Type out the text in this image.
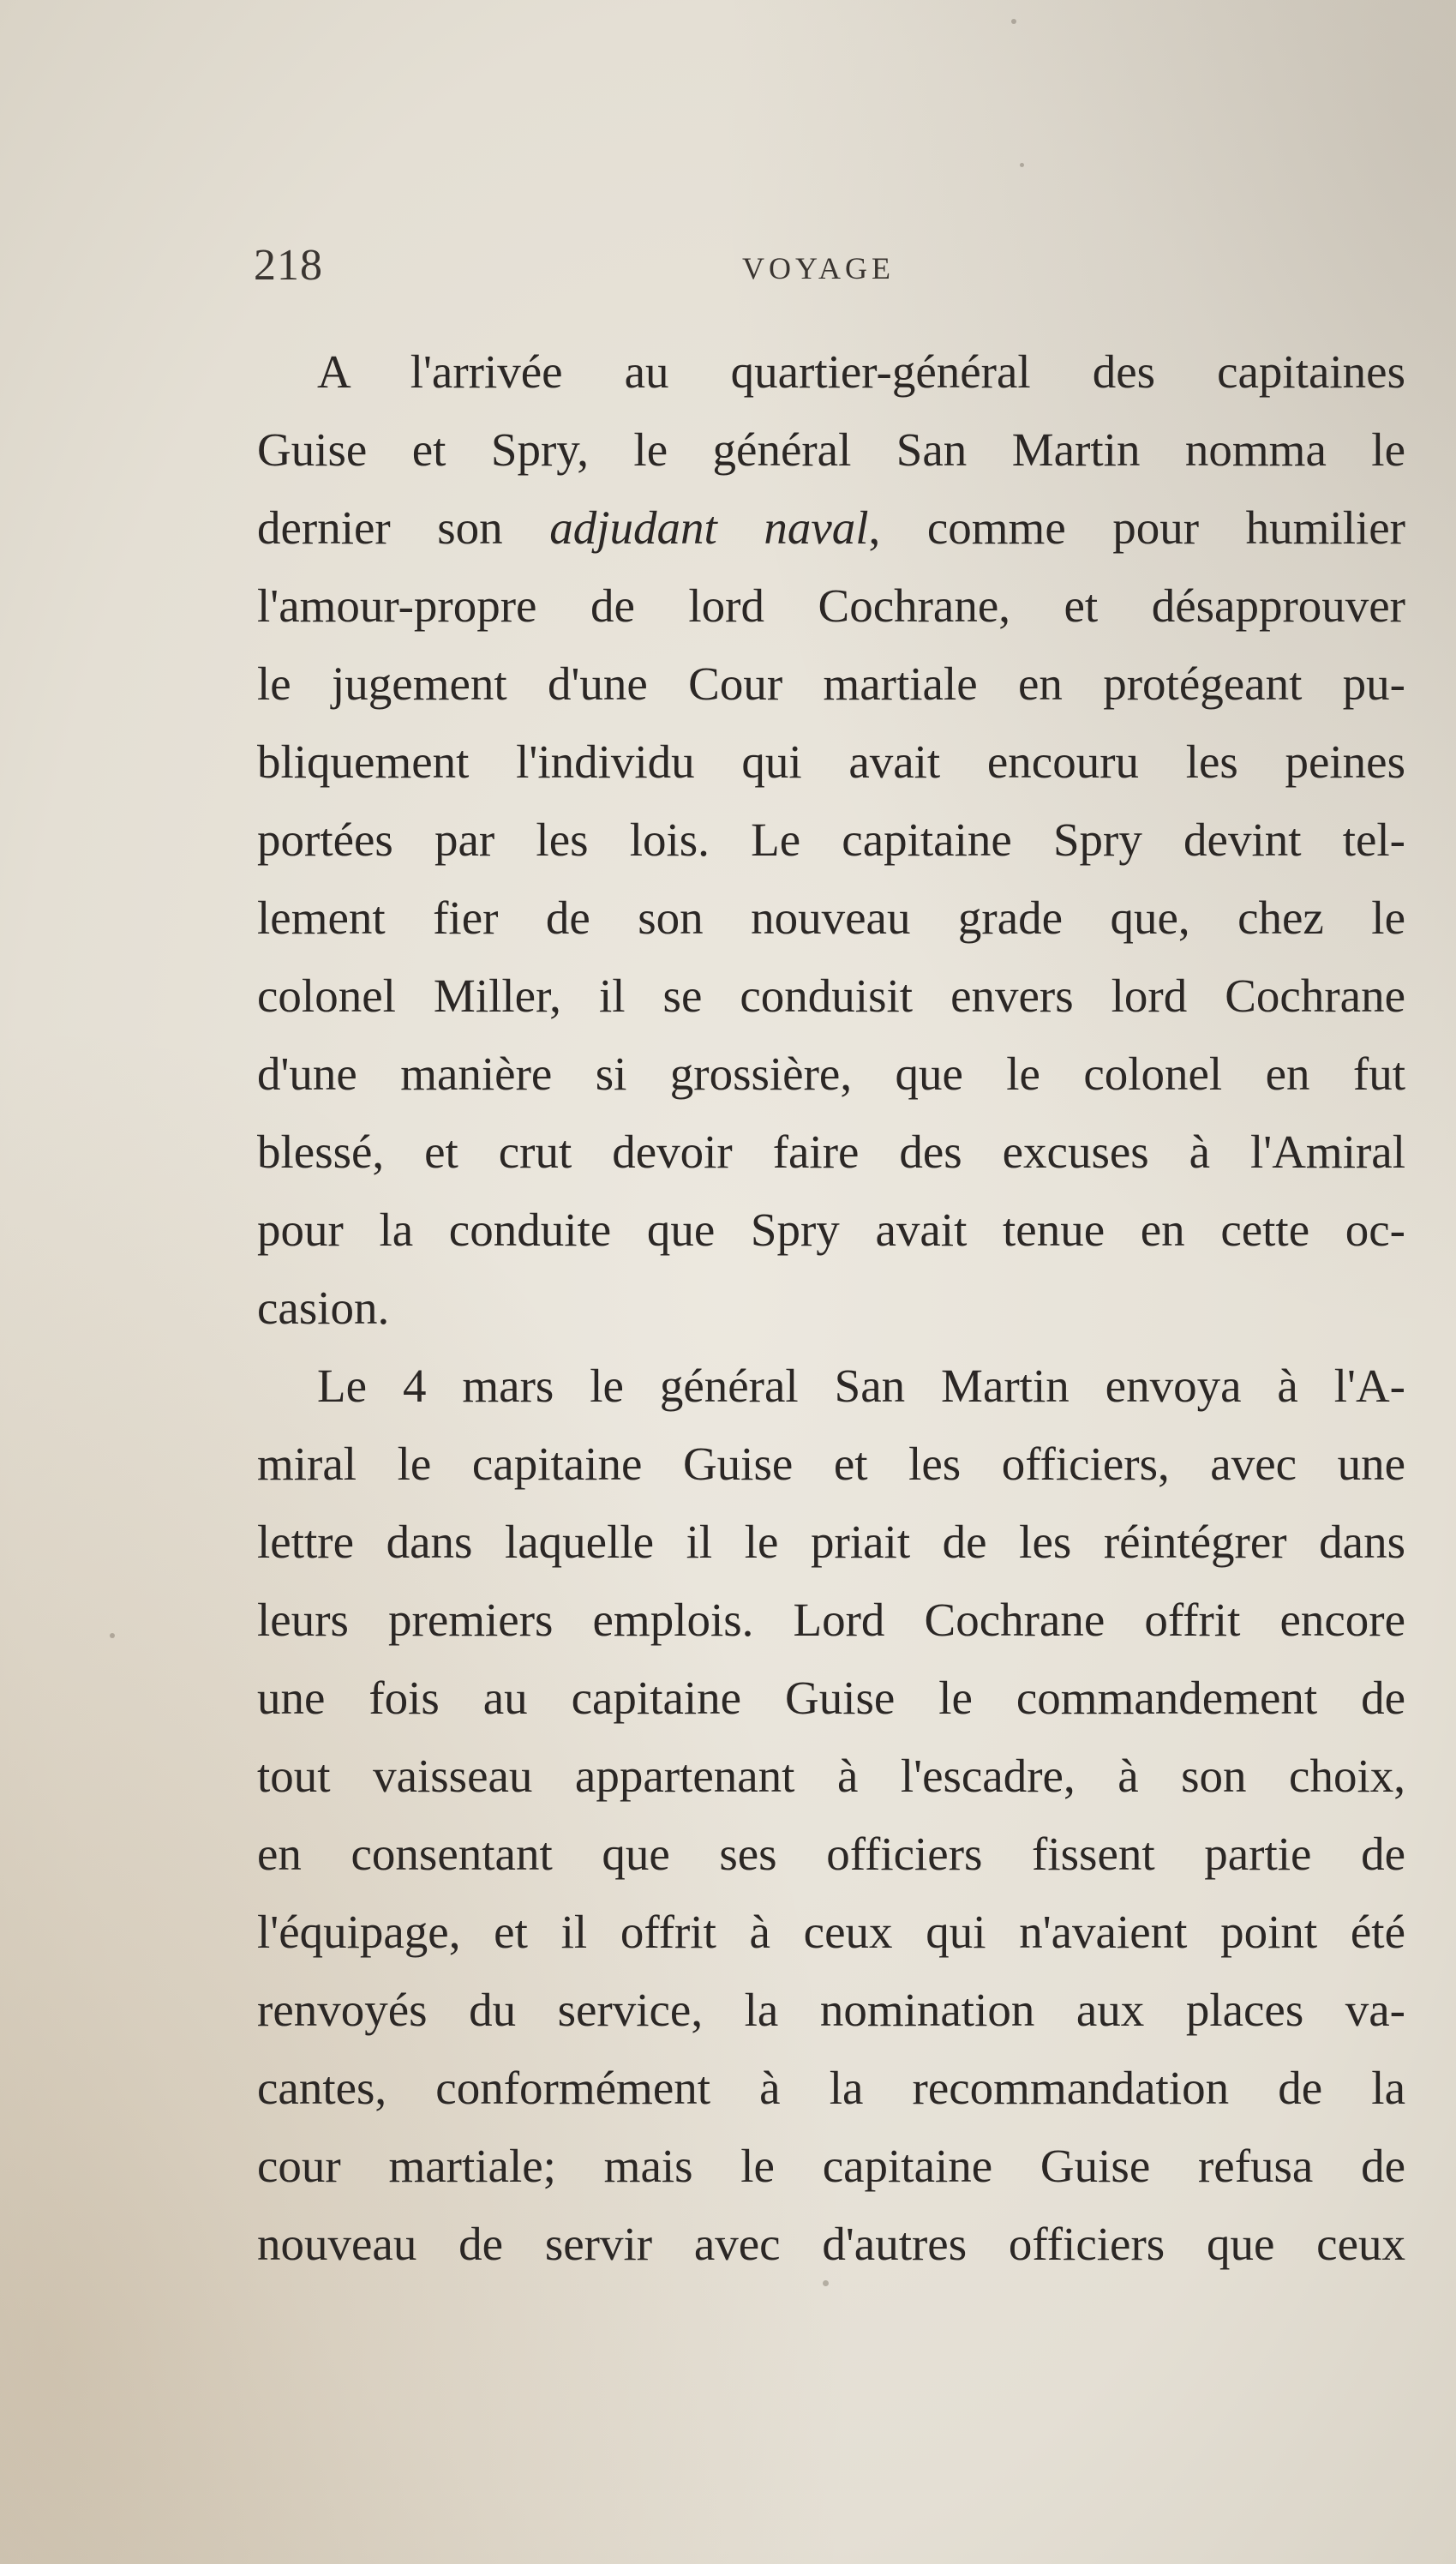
218	VOYAGE
A l'arrivée au quartier-général des capitaines
Guise et Spry, le général San Martin nomma le
dernier son adjudant naval, comme pour humilier
l'amour-propre de lord Cochrane, et désapprouver
le jugement d'une Cour martiale en protégeant pu-
bliquement l'individu qui avait encouru les peines
portées par les lois. Le capitaine Spry devint tel-
lement fier de son nouveau grade que, chez le
colonel Miller, il se conduisit envers lord Cochrane
d'une manière si grossière, que le colonel en fut
blessé, et crut devoir faire des excuses à l'Amiral
pour la conduite que Spry avait tenue en cette oc-
casion.
Le 4 mars le général San Martin envoya à l'A-
miral le capitaine Guise et les officiers, avec une
lettre dans laquelle il le priait de les réintégrer dans
leurs premiers emplois. Lord Cochrane offrit encore
une fois au capitaine Guise le commandement de
tout vaisseau appartenant à l'escadre, à son choix,
en consentant que ses officiers fissent partie de
l'équipage, et il offrit à ceux qui n'avaient point été
renvoyés du service, la nomination aux places va-
cantes, conformément à la recommandation de la
cour martiale; mais le capitaine Guise refusa de
nouveau de servir avec d'autres officiers que ceux
